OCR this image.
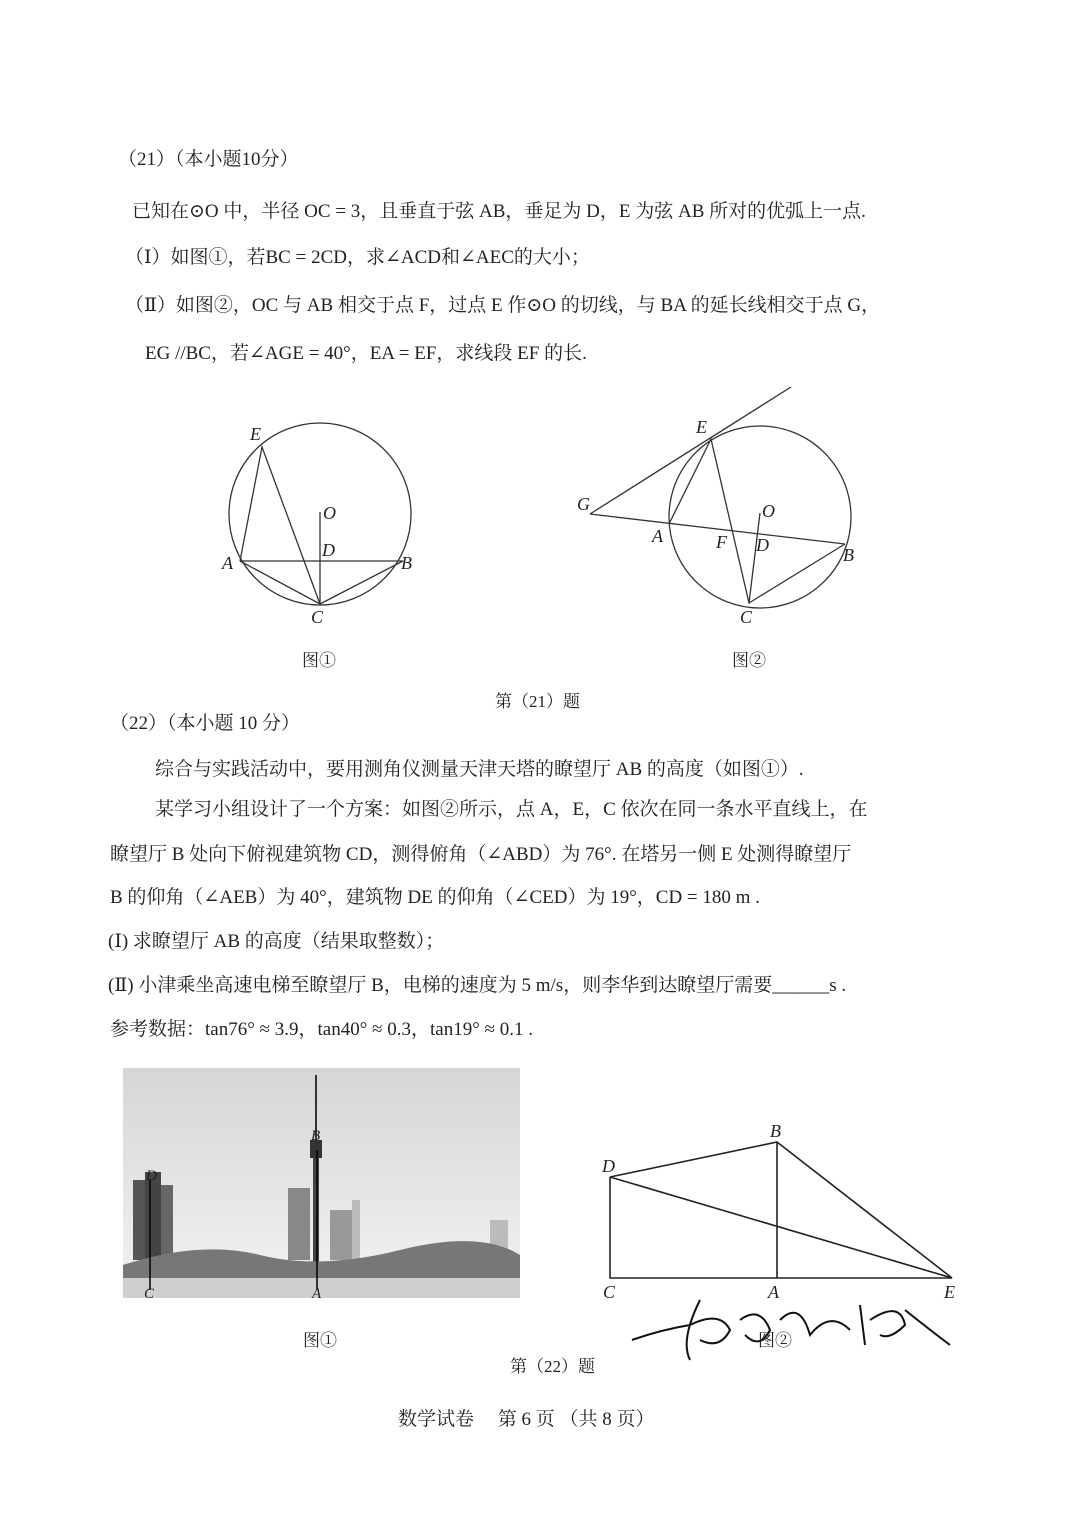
（21）（本小题10分）
已知在⊙O 中，半径 OC = 3，且垂直于弦 AB，垂足为 D，E 为弦 AB 所对的优弧上一点.
（Ⅰ）如图①，若BC = 2CD，求∠ACD和∠AEC的大小；
（Ⅱ）如图②，OC 与 AB 相交于点 F，过点 E 作⊙O 的切线，与 BA 的延长线相交于点 G，
EG //BC，若∠AGE = 40°，EA = EF，求线段 EF 的长.
E
O
D
A	B
C
E
G	O
A	F D	B
C
B
D
C	A
B
D
C	A	E
图①	图②
第（21）题
（22）（本小题 10 分）
综合与实践活动中，要用测角仪测量天津天塔的瞭望厅 AB 的高度（如图①）.
某学习小组设计了一个方案：如图②所示，点 A，E，C 依次在同一条水平直线上，在
瞭望厅 B 处向下俯视建筑物 CD，测得俯角（∠ABD）为 76°. 在塔另一侧 E 处测得瞭望厅
B 的仰角（∠AEB）为 40°，建筑物 DE 的仰角（∠CED）为 19°，CD = 180 m .
(Ⅰ) 求瞭望厅 AB 的高度（结果取整数）；
(Ⅱ) 小津乘坐高速电梯至瞭望厅 B，电梯的速度为 5 m/s，则李华到达瞭望厅需要______s .
参考数据：tan76° ≈ 3.9，tan40° ≈ 0.3，tan19° ≈ 0.1 .
图①	图②
第（22）题
数学试卷　 第 6 页 （共 8 页）
